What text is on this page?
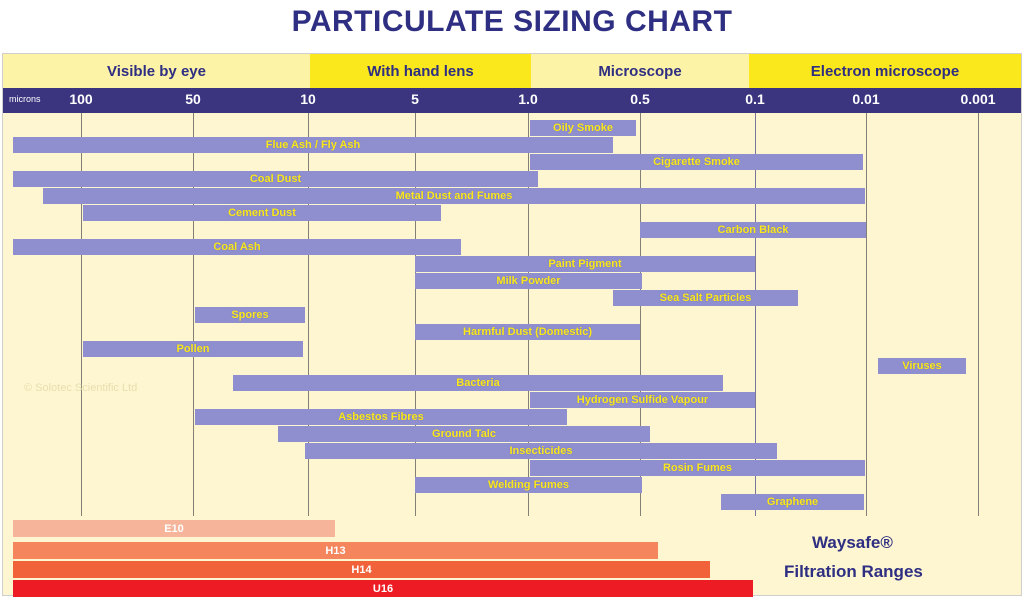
PARTICULATE SIZING CHART
Visible by eye	With hand lens	Microscope	Electron microscope
microns 100	50	10	5	1.0	0.5	0.1	0.01	0.001
Oily Smoke
Flue Ash / Fly Ash
Cigarette Smoke
Coal Dust
Metal Dust and Fumes
Cement Dust
Carbon Black
Coal Ash
Paint Pigment
Milk Powder
Sea Salt Particles
Spores
Harmful Dust (Domestic)
Pollen
Viruses
Bacteria
Hydrogen Sulfide Vapour
Asbestos Fibres
Ground Talc
Insecticides
Rosin Fumes
Welding Fumes
Graphene
© Solotec Scientific Ltd
E10
H13
H14
U16
Waysafe®
Filtration Ranges
